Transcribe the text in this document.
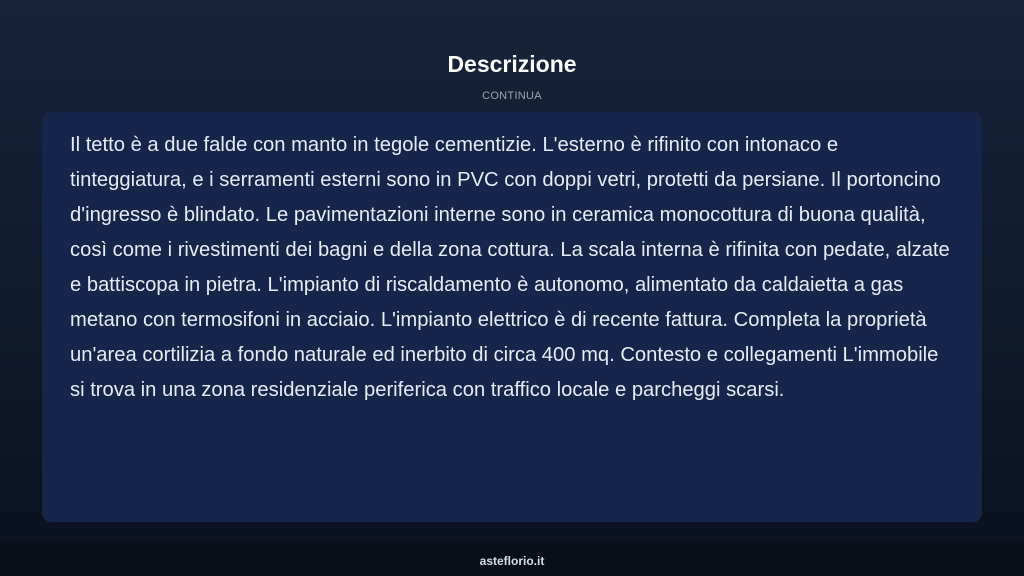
Descrizione
CONTINUA

Il tetto è a due falde con manto in tegole cementizie. L'esterno è rifinito con intonaco e tinteggiatura, e i serramenti esterni sono in PVC con doppi vetri, protetti da persiane. Il portoncino d'ingresso è blindato. Le pavimentazioni interne sono in ceramica monocottura di buona qualità, così come i rivestimenti dei bagni e della zona cottura. La scala interna è rifinita con pedate, alzate e battiscopa in pietra. L'impianto di riscaldamento è autonomo, alimentato da caldaietta a gas metano con termosifoni in acciaio. L'impianto elettrico è di recente fattura. Completa la proprietà un'area cortilizia a fondo naturale ed inerbito di circa 400 mq. Contesto e collegamenti L'immobile si trova in una zona residenziale periferica con traffico locale e parcheggi scarsi.

asteflorio.it
